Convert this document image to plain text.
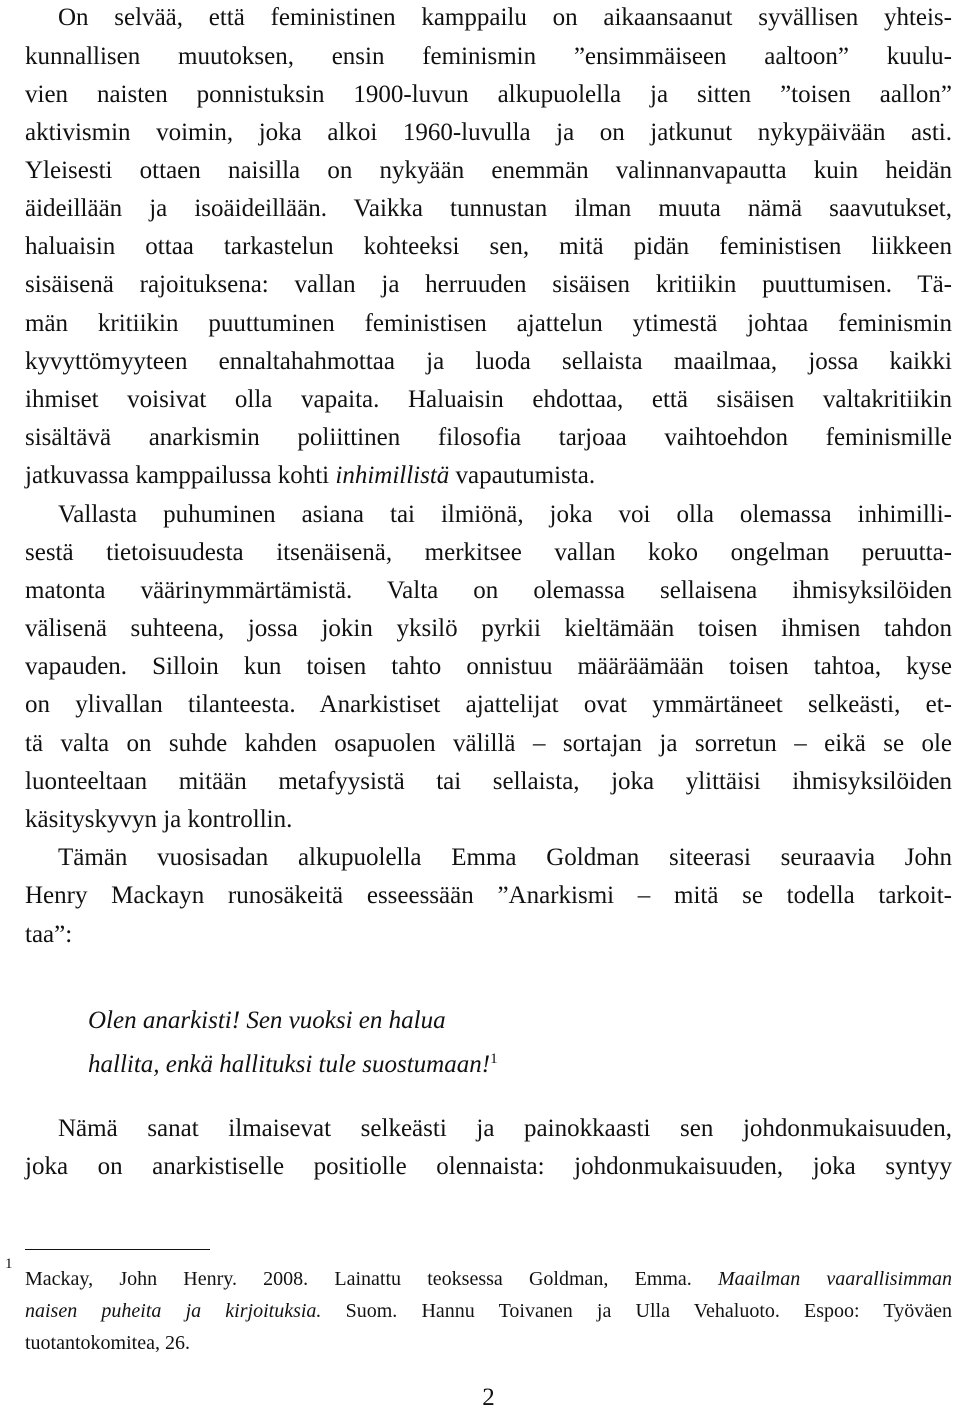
On selvää, että feministinen kamppailu on aikaansaanut syvällisen yhteis-
kunnallisen muutoksen, ensin feminismin ”ensimmäiseen aaltoon” kuulu-
vien naisten ponnistuksin 1900-luvun alkupuolella ja sitten ”toisen aallon”
aktivismin voimin, joka alkoi 1960-luvulla ja on jatkunut nykypäivään asti.
Yleisesti ottaen naisilla on nykyään enemmän valinnanvapautta kuin heidän
äideillään ja isoäideillään. Vaikka tunnustan ilman muuta nämä saavutukset,
haluaisin ottaa tarkastelun kohteeksi sen, mitä pidän feministisen liikkeen
sisäisenä rajoituksena: vallan ja herruuden sisäisen kritiikin puuttumisen. Tä-
män kritiikin puuttuminen feministisen ajattelun ytimestä johtaa feminismin
kyvyttömyyteen ennaltahahmottaa ja luoda sellaista maailmaa, jossa kaikki
ihmiset voisivat olla vapaita. Haluaisin ehdottaa, että sisäisen valtakritiikin
sisältävä anarkismin poliittinen filosofia tarjoaa vaihtoehdon feminismille
jatkuvassa kamppailussa kohti inhimillistä vapautumista.
Vallasta puhuminen asiana tai ilmiönä, joka voi olla olemassa inhimilli-
sestä tietoisuudesta itsenäisenä, merkitsee vallan koko ongelman peruutta-
matonta väärinymmärtämistä. Valta on olemassa sellaisena ihmisyksilöiden
välisenä suhteena, jossa jokin yksilö pyrkii kieltämään toisen ihmisen tahdon
vapauden. Silloin kun toisen tahto onnistuu määräämään toisen tahtoa, kyse
on ylivallan tilanteesta. Anarkistiset ajattelijat ovat ymmärtäneet selkeästi, et-
tä valta on suhde kahden osapuolen välillä – sortajan ja sorretun – eikä se ole
luonteeltaan mitään metafyysistä tai sellaista, joka ylittäisi ihmisyksilöiden
käsityskyvyn ja kontrollin.
Tämän vuosisadan alkupuolella Emma Goldman siteerasi seuraavia John
Henry Mackayn runosäkeitä esseessään ”Anarkismi – mitä se todella tarkoit-
taa”:
Olen anarkisti! Sen vuoksi en halua
hallita, enkä hallituksi tule suostumaan!$^1$
Nämä sanat ilmaisevat selkeästi ja painokkaasti sen johdonmukaisuuden,
joka on anarkistiselle positiolle olennaista: johdonmukaisuuden, joka syntyy
1
Mackay, John Henry. 2008. Lainattu teoksessa Goldman, Emma. Maailman vaarallisimman
naisen puheita ja kirjoituksia. Suom. Hannu Toivanen ja Ulla Vehaluoto. Espoo: Työväen
tuotantokomitea, 26.
2
